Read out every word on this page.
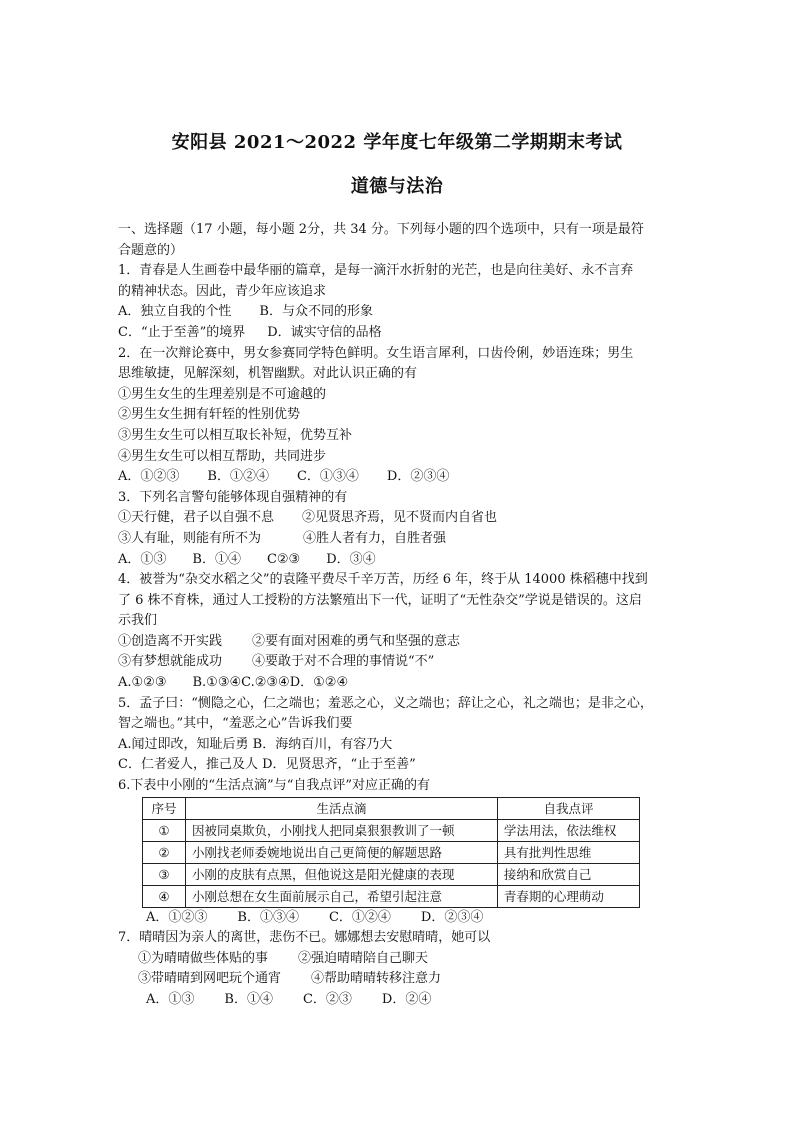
安阳县 2021～2022 学年度七年级第二学期期末考试
道德与法治
一、选择题（17 小题，每小题 2分，共 34 分。下列每小题的四个选项中，只有一项是最符
合题意的）
1．青春是人生画卷中最华丽的篇章，是每一滴汗水折射的光芒，也是向往美好、永不言弃
的精神状态。因此，青少年应该追求
A．独立自我的个性 B．与众不同的形象
C．“止于至善”的境界 D．诚实守信的品格
2．在一次辩论赛中，男女参赛同学特色鲜明。女生语言犀利，口齿伶俐，妙语连珠；男生
思维敏捷，见解深刻，机智幽默。对此认识正确的有
①男生女生的生理差别是不可逾越的
②男生女生拥有轩轾的性别优势
③男生女生可以相互取长补短，优势互补
④男生女生可以相互帮助，共同进步
A．①②③ B．①②④ C．①③④ D．②③④
3．下列名言警句能够体现自强精神的有
①天行健，君子以自强不息 ②见贤思齐焉，见不贤而内自省也
③人有耻，则能有所不为	④胜人者有力，自胜者强
A．①③ B．①④ C②③ D．③④
4．被誉为“杂交水稻之父”的袁隆平费尽千辛万苦，历经 6 年，终于从 14000 株稻穗中找到
了 6 株不育株，通过人工授粉的方法繁殖出下一代，证明了“无性杂交”学说是错误的。这启
示我们
①创造离不开实践 ②要有面对困难的勇气和坚强的意志
③有梦想就能成功 ④要敢于对不合理的事情说“不”
A.①②③　　B.①③④C.②③④D．①②④
5．孟子曰：“恻隐之心，仁之端也；羞恶之心，义之端也；辞让之心，礼之端也；是非之心，
智之端也。”其中，“羞恶之心”告诉我们要
A.闻过即改，知耻后勇 B．海纳百川，有容乃大
C．仁者爱人，推己及人 D．见贤思齐，“止于至善”
6.下表中小刚的“生活点滴”与“自我点评”对应正确的有
序号	生活点滴	自我点评
①	因被同桌欺负，小刚找人把同桌狠狠教训了一顿	学法用法，依法维权
②	小刚找老师委婉地说出自己更简便的解题思路	具有批判性思维
③	小刚的皮肤有点黑，但他说这是阳光健康的表现	接纳和欣赏自己
④	小刚总想在女生面前展示自己，希望引起注意	青春期的心理萌动
A．①②③ B．①③④ C．①②④ D．②③④
7．晴晴因为亲人的离世，悲伤不已。娜娜想去安慰晴晴，她可以
①为晴晴做些体贴的事 ②强迫晴晴陪自己聊天
③带晴晴到网吧玩个通宵 ④帮助晴晴转移注意力
A．①③ B．①④ C．②③ D．②④
